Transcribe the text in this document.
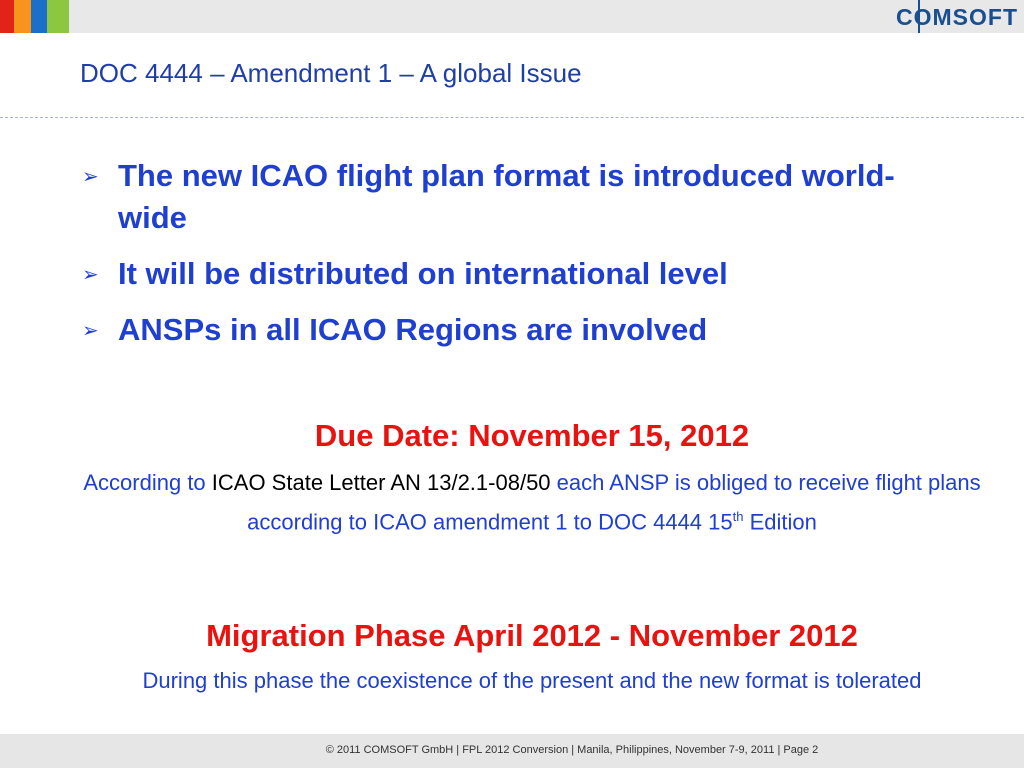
COMSOFT
DOC 4444 – Amendment 1 – A global Issue
➢ The new ICAO flight plan format is introduced world-wide
➢ It will be distributed on international level
➢ ANSPs in all ICAO Regions are involved
Due Date: November 15, 2012
According to ICAO State Letter AN 13/2.1-08/50 each ANSP is obliged to receive flight plans according to ICAO amendment 1 to DOC 4444 15th Edition
Migration Phase April 2012 - November 2012
During this phase the coexistence of the present and the new format is tolerated
© 2011 COMSOFT GmbH | FPL 2012 Conversion | Manila, Philippines, November 7-9, 2011 | Page 2
